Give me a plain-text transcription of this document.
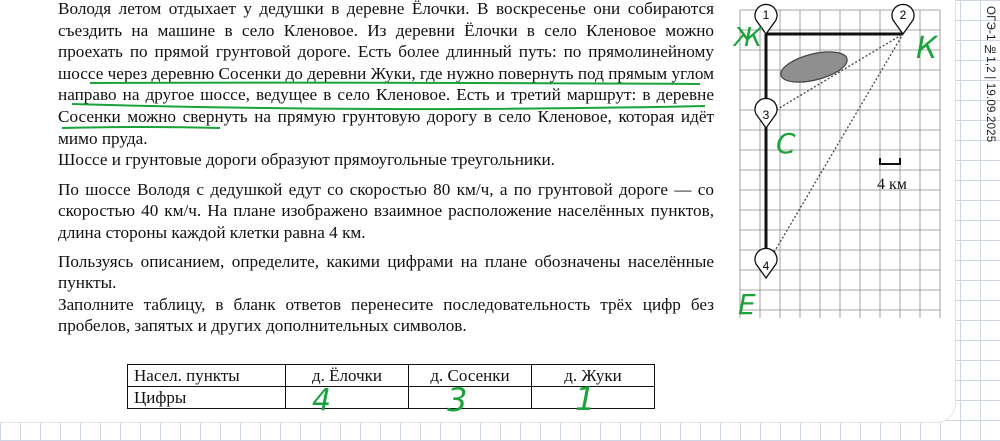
Володя летом отдыхает у дедушки в деревне Ёлочки. В воскресенье они собираются съездить на машине в село Кленовое. Из деревни Ёлочки в село Кленовое можно проехать по прямой грунтовой дороге. Есть более длинный путь: по прямолинейному шоссе через деревню Сосенки до деревни Жуки, где нужно повернуть под прямым углом направо на другое шоссе, ведущее в село Кленовое. Есть и третий маршрут: в деревне Сосенки можно свернуть на прямую грунтовую дорогу в село Кленовое, которая идёт мимо пруда.

Шоссе и грунтовые дороги образуют прямоугольные треугольники.

По шоссе Володя с дедушкой едут со скоростью 80 км/ч, а по грунтовой дороге — со скоростью 40 км/ч. На плане изображено взаимное расположение населённых пунктов, длина стороны каждой клетки равна 4 км.

Пользуясь описанием, определите, какими цифрами на плане обозначены населённые пункты.

Заполните таблицу, в бланк ответов перенесите последовательность трёх цифр без пробелов, запятых и других дополнительных символов.

Насел. пункты	д. Ёлочки	д. Сосенки	д. Жуки
Цифры				4	3	1
1	2
3
4
Ж	К
С
Е
4 км
ОГЭ-1 №1,2 | 19.09.2025
